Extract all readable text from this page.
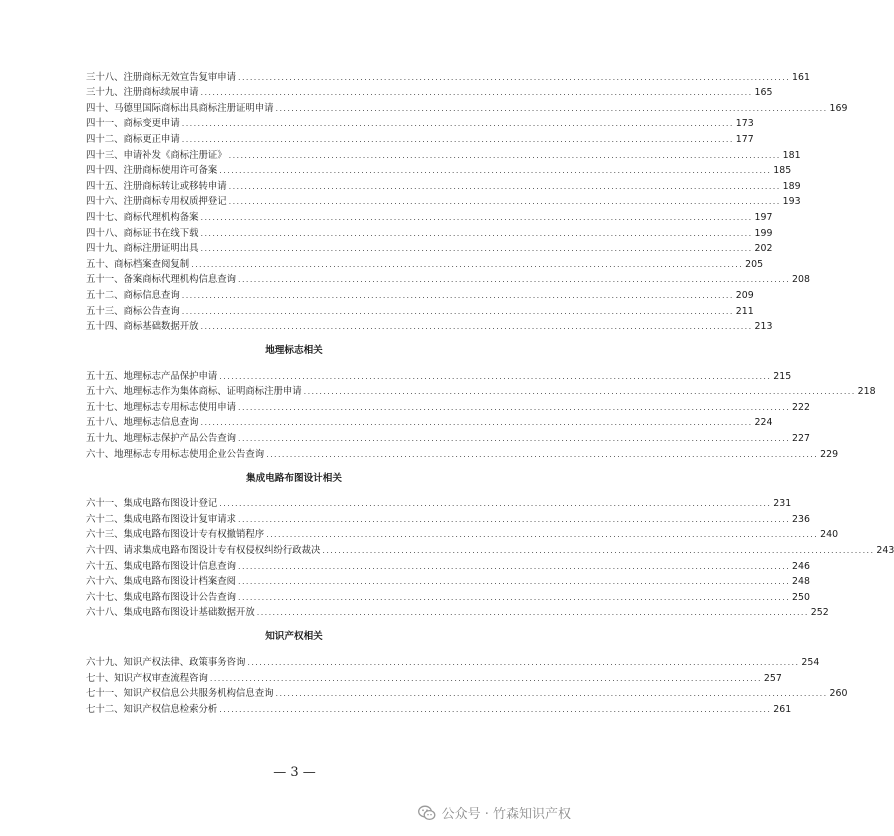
三十八、注册商标无效宣告复审申请 ............................................................................................................................................ 161
三十九、注册商标续展申请 ............................................................................................................................................ 165
四十、马德里国际商标出具商标注册证明申请 ............................................................................................................................................ 169
四十一、商标变更申请 ............................................................................................................................................ 173
四十二、商标更正申请 ............................................................................................................................................ 177
四十三、申请补发《商标注册证》 ............................................................................................................................................ 181
四十四、注册商标使用许可备案 ............................................................................................................................................ 185
四十五、注册商标转让或移转申请 ............................................................................................................................................ 189
四十六、注册商标专用权质押登记 ............................................................................................................................................ 193
四十七、商标代理机构备案 ............................................................................................................................................ 197
四十八、商标证书在线下载 ............................................................................................................................................ 199
四十九、商标注册证明出具 ............................................................................................................................................ 202
五十、商标档案查阅复制 ............................................................................................................................................ 205
五十一、备案商标代理机构信息查询 ............................................................................................................................................ 208
五十二、商标信息查询 ............................................................................................................................................ 209
五十三、商标公告查询 ............................................................................................................................................ 211
五十四、商标基础数据开放 ............................................................................................................................................ 213
地理标志相关
五十五、地理标志产品保护申请 ............................................................................................................................................ 215
五十六、地理标志作为集体商标、证明商标注册申请 ............................................................................................................................................ 218
五十七、地理标志专用标志使用申请 ............................................................................................................................................ 222
五十八、地理标志信息查询 ............................................................................................................................................ 224
五十九、地理标志保护产品公告查询 ............................................................................................................................................ 227
六十、地理标志专用标志使用企业公告查询 ............................................................................................................................................ 229
集成电路布图设计相关
六十一、集成电路布图设计登记 ............................................................................................................................................ 231
六十二、集成电路布图设计复审请求 ............................................................................................................................................ 236
六十三、集成电路布图设计专有权撤销程序 ............................................................................................................................................ 240
六十四、请求集成电路布图设计专有权侵权纠纷行政裁决 ............................................................................................................................................ 243
六十五、集成电路布图设计信息查询 ............................................................................................................................................ 246
六十六、集成电路布图设计档案查阅 ............................................................................................................................................ 248
六十七、集成电路布图设计公告查询 ............................................................................................................................................ 250
六十八、集成电路布图设计基础数据开放 ............................................................................................................................................ 252
知识产权相关
六十九、知识产权法律、政策事务咨询 ............................................................................................................................................ 254
七十、知识产权审查流程咨询 ............................................................................................................................................ 257
七十一、知识产权信息公共服务机构信息查询 ............................................................................................................................................ 260
七十二、知识产权信息检索分析 ............................................................................................................................................ 261
— 3 —
公众号 · 竹森知识产权
